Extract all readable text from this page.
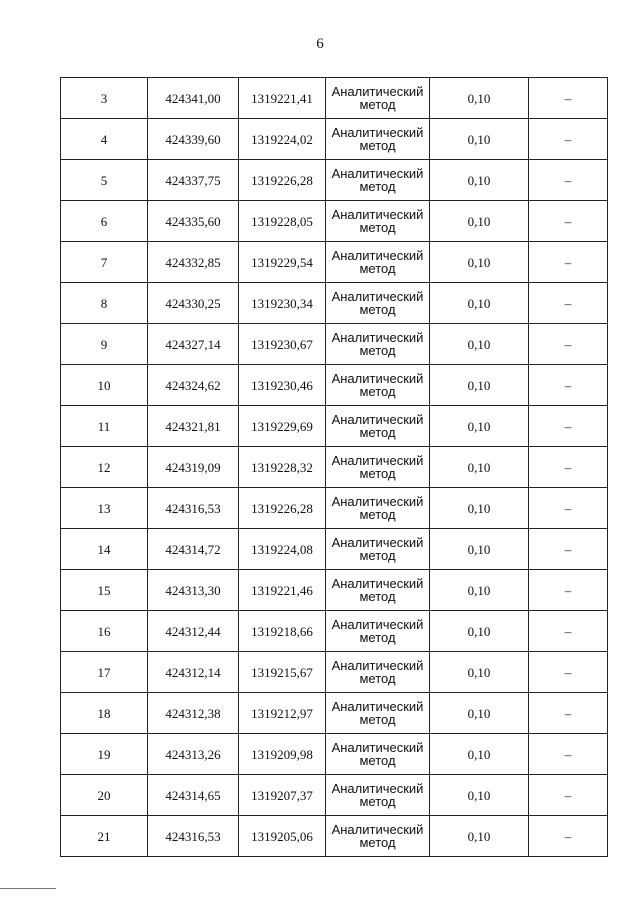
6
3	424341,00	1319221,41	Аналитический
метод	0,10	–
4	424339,60	1319224,02	Аналитический
метод	0,10	–
5	424337,75	1319226,28	Аналитический
метод	0,10	–
6	424335,60	1319228,05	Аналитический
метод	0,10	–
7	424332,85	1319229,54	Аналитический
метод	0,10	–
8	424330,25	1319230,34	Аналитический
метод	0,10	–
9	424327,14	1319230,67	Аналитический
метод	0,10	–
10	424324,62	1319230,46	Аналитический
метод	0,10	–
11	424321,81	1319229,69	Аналитический
метод	0,10	–
12	424319,09	1319228,32	Аналитический
метод	0,10	–
13	424316,53	1319226,28	Аналитический
метод	0,10	–
14	424314,72	1319224,08	Аналитический
метод	0,10	–
15	424313,30	1319221,46	Аналитический
метод	0,10	–
16	424312,44	1319218,66	Аналитический
метод	0,10	–
17	424312,14	1319215,67	Аналитический
метод	0,10	–
18	424312,38	1319212,97	Аналитический
метод	0,10	–
19	424313,26	1319209,98	Аналитический
метод	0,10	–
20	424314,65	1319207,37	Аналитический
метод	0,10	–
21	424316,53	1319205,06	Аналитический
метод	0,10	–
